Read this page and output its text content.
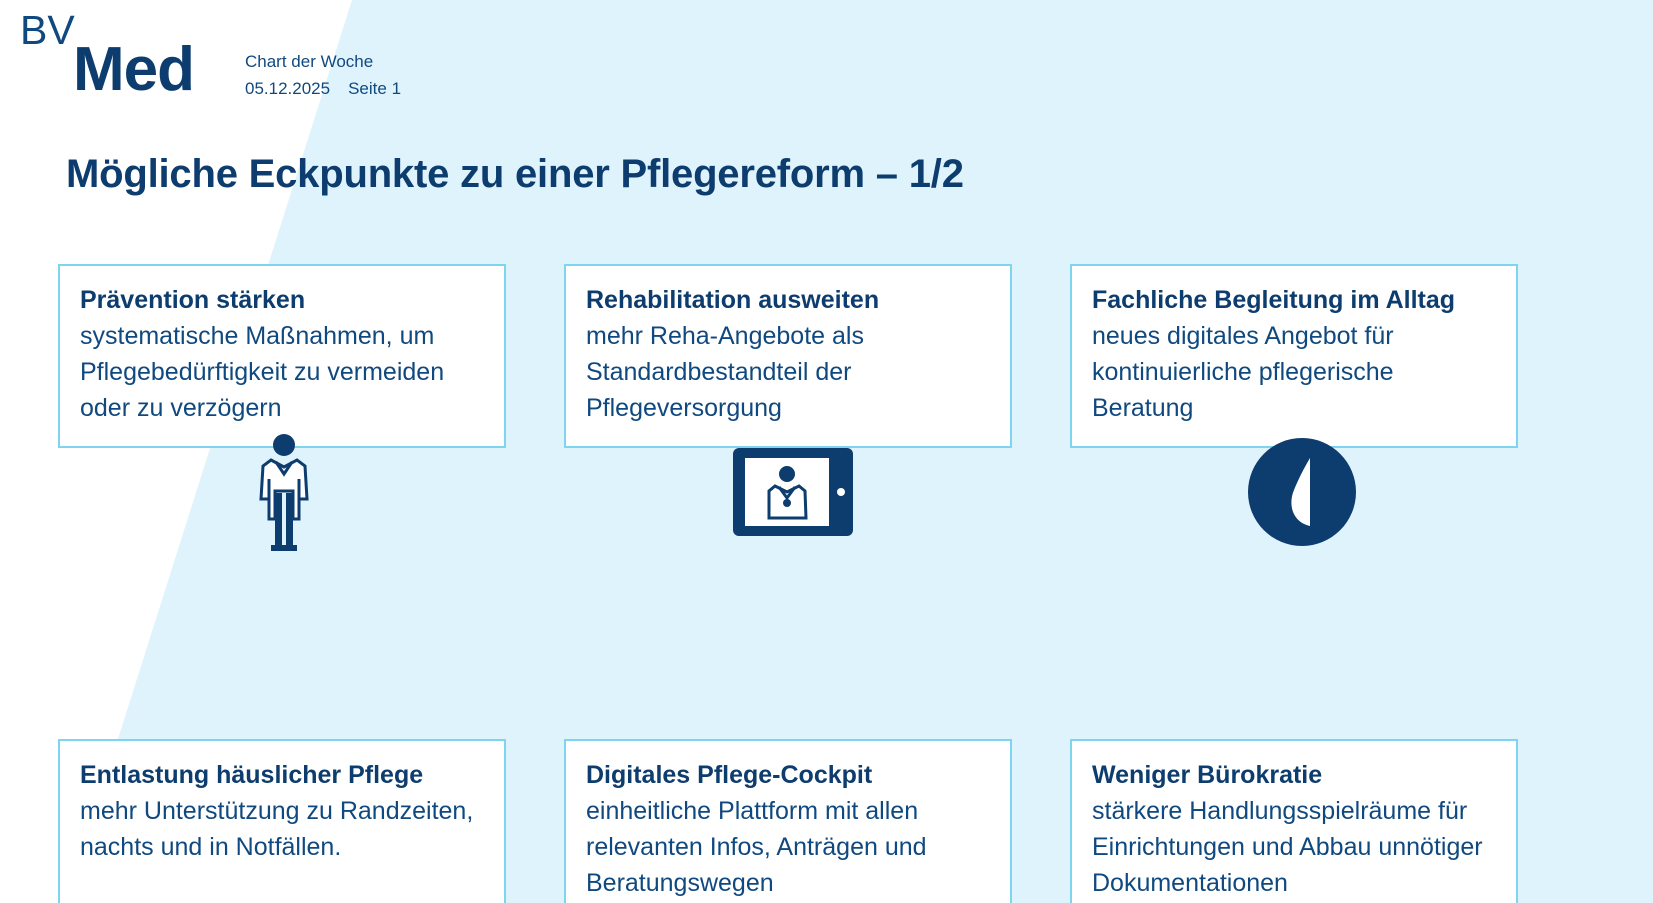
BV
Med	Chart der Woche
05.12.2025 Seite 1
Mögliche Eckpunkte zu einer Pflegereform – 1/2
Prävention stärken
systematische Maßnahmen, um Pflegebedürftigkeit zu vermeiden oder zu verzögern
Rehabilitation ausweiten
mehr Reha-Angebote als Standardbestandteil der Pflegeversorgung
Fachliche Begleitung im Alltag
neues digitales Angebot für kontinuierliche pflegerische Beratung
Entlastung häuslicher Pflege
mehr Unterstützung zu Randzeiten, nachts und in Notfällen.
Digitales Pflege-Cockpit
einheitliche Plattform mit allen relevanten Infos, Anträgen und Beratungswegen
Weniger Bürokratie
stärkere Handlungsspielräume für Einrichtungen und Abbau unnötiger Dokumentationen
